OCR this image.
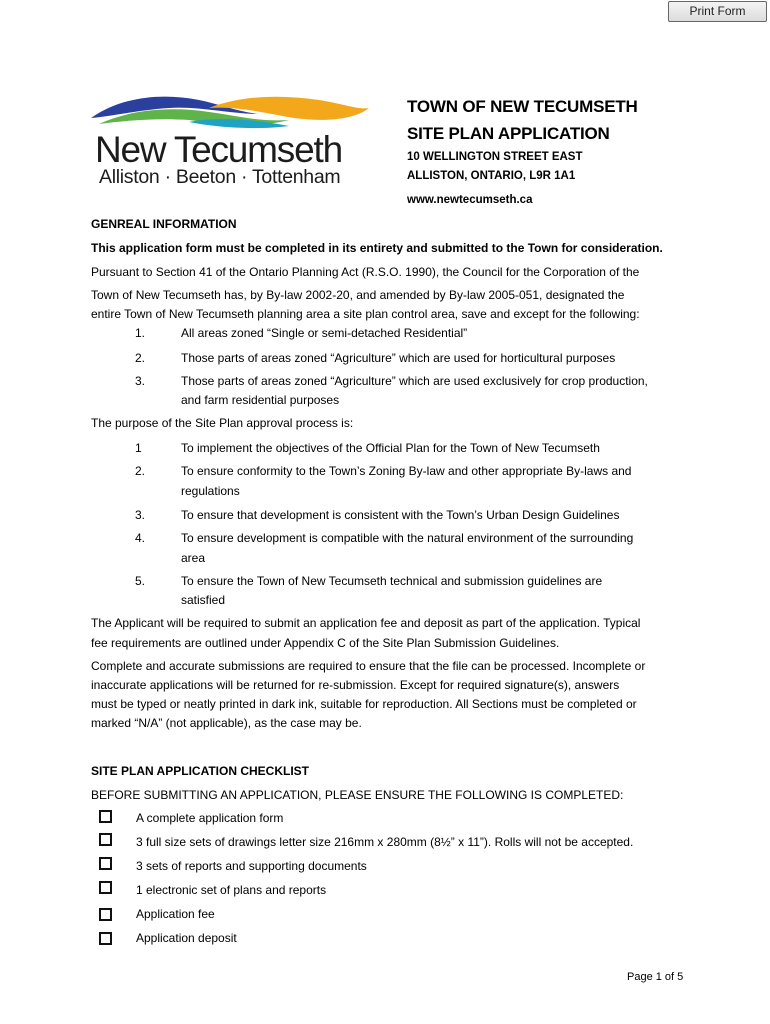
Print Form
New Tecumseth
Alliston · Beeton · Tottenham
TOWN OF NEW TECUMSETH
SITE PLAN APPLICATION
10 WELLINGTON STREET EAST
ALLISTON, ONTARIO, L9R 1A1
www.newtecumseth.ca
GENREAL INFORMATION
This application form must be completed in its entirety and submitted to the Town for consideration.
Pursuant to Section 41 of the Ontario Planning Act (R.S.O. 1990), the Council for the Corporation of the
Town of New Tecumseth has, by By-law 2002-20, and amended by By-law 2005-051, designated the
entire Town of New Tecumseth planning area a site plan control area, save and except for the following:
1.	All areas zoned “Single or semi-detached Residential”
2.	Those parts of areas zoned “Agriculture” which are used for horticultural purposes
3.	Those parts of areas zoned “Agriculture” which are used exclusively for crop production,
and farm residential purposes
The purpose of the Site Plan approval process is:
1	To implement the objectives of the Official Plan for the Town of New Tecumseth
2.	To ensure conformity to the Town’s Zoning By-law and other appropriate By-laws and
regulations
3.	To ensure that development is consistent with the Town’s Urban Design Guidelines
4.	To ensure development is compatible with the natural environment of the surrounding
area
5.	To ensure the Town of New Tecumseth technical and submission guidelines are
satisfied
The Applicant will be required to submit an application fee and deposit as part of the application. Typical
fee requirements are outlined under Appendix C of the Site Plan Submission Guidelines.
Complete and accurate submissions are required to ensure that the file can be processed. Incomplete or
inaccurate applications will be returned for re-submission. Except for required signature(s), answers
must be typed or neatly printed in dark ink, suitable for reproduction. All Sections must be completed or
marked “N/A” (not applicable), as the case may be.
SITE PLAN APPLICATION CHECKLIST
BEFORE SUBMITTING AN APPLICATION, PLEASE ENSURE THE FOLLOWING IS COMPLETED:
A complete application form
3 full size sets of drawings letter size 216mm x 280mm (8½” x 11”). Rolls will not be accepted.
3 sets of reports and supporting documents
1 electronic set of plans and reports
Application fee
Application deposit
Page 1 of 5
